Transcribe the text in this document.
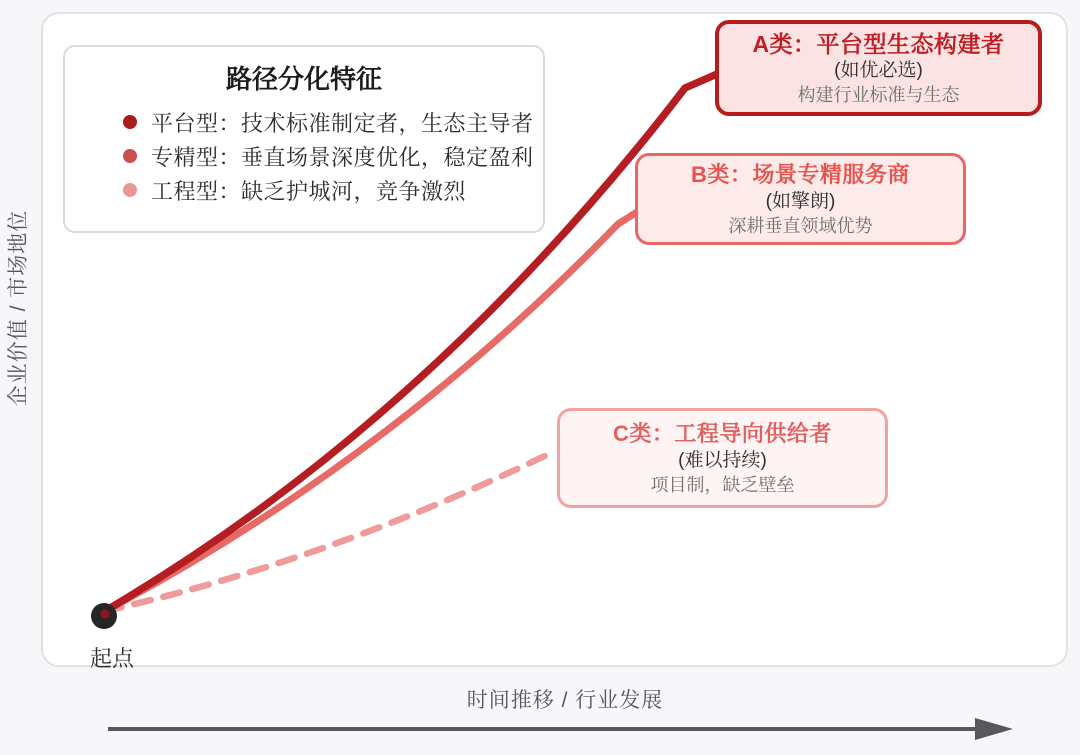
企业价值 / 市场地位
路径分化特征
平台型：技术标准制定者，生态主导者
专精型：垂直场景深度优化，稳定盈利
工程型：缺乏护城河，竞争激烈
A类：平台型生态构建者
(如优必选)
构建行业标准与生态
B类：场景专精服务商
(如擎朗)
深耕垂直领域优势
C类：工程导向供给者
(难以持续)
项目制，缺乏壁垒
起点
时间推移 / 行业发展
